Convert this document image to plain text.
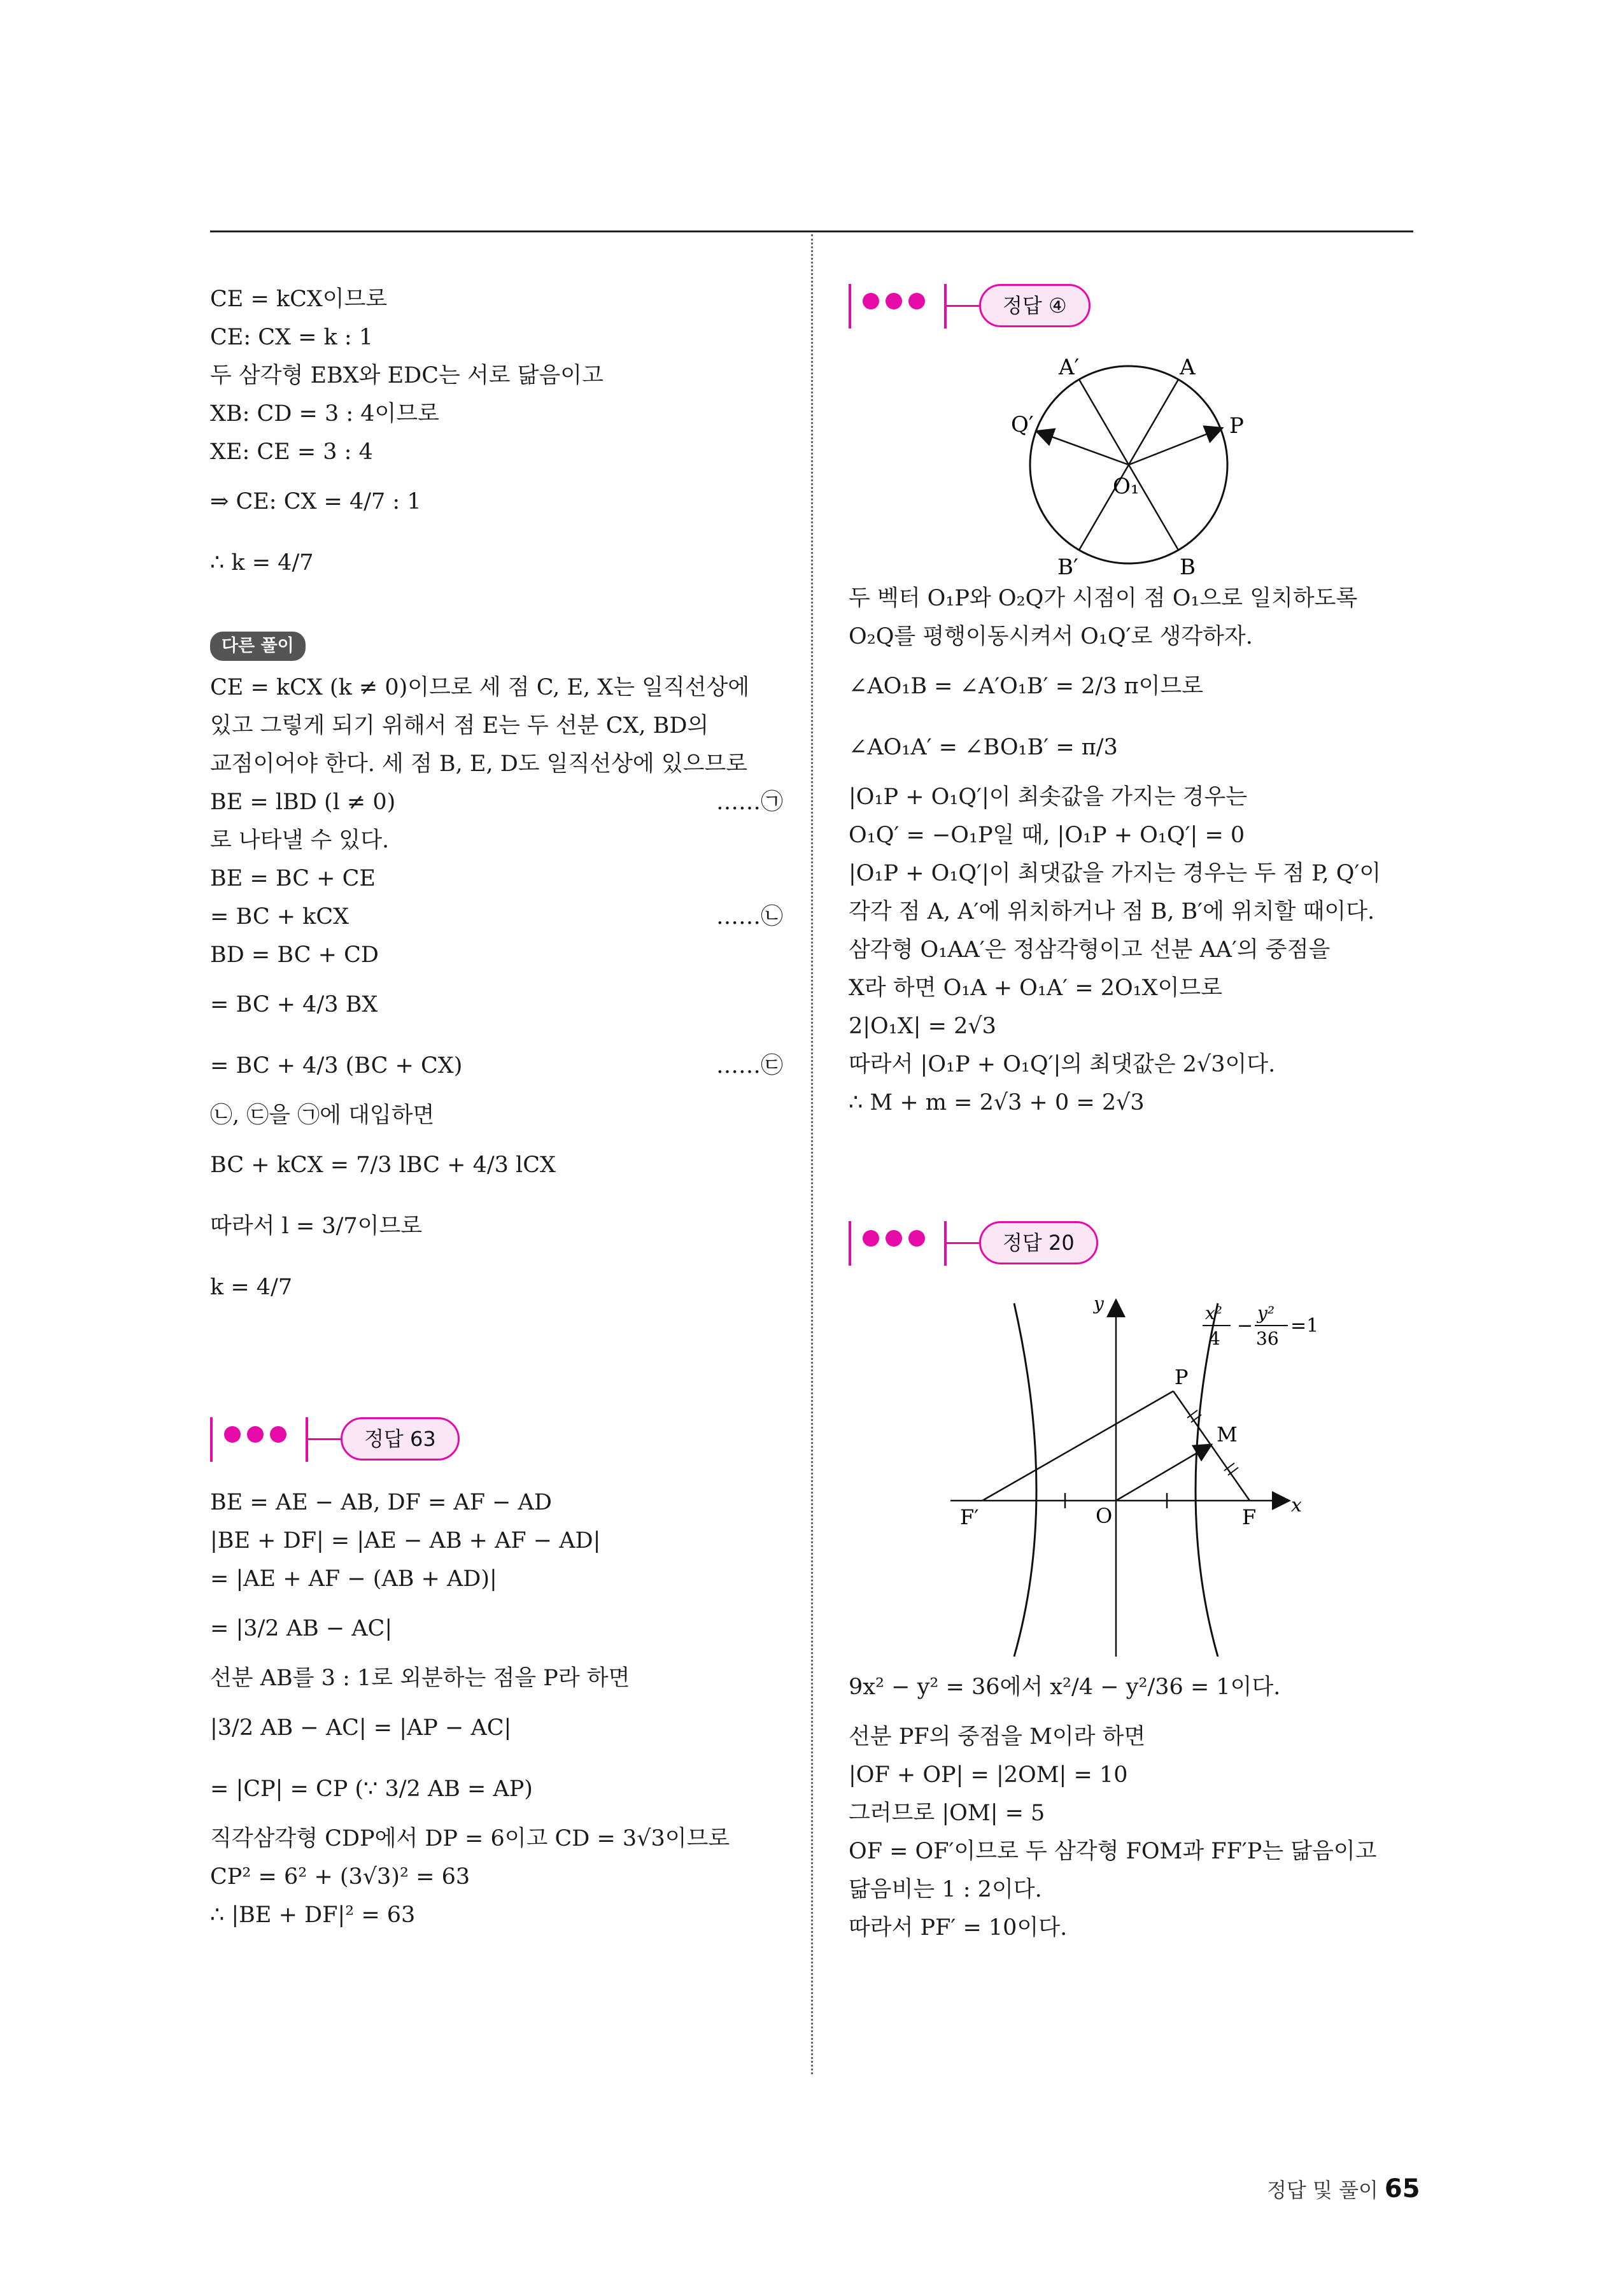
CE = kCX이므로
CE: CX = k : 1
두 삼각형 EBX와 EDC는 서로 닮음이고
XB: CD = 3 : 4이므로
XE: CE = 3 : 4
⇒ CE: CX = 4/7 : 1
∴ k = 4/7
다른 풀이
CE = kCX (k ≠ 0)이므로 세 점 C, E, X는 일직선상에
있고 그렇게 되기 위해서 점 E는 두 선분 CX, BD의
교점이어야 한다. 세 점 B, E, D도 일직선상에 있으므로
BE = lBD (l ≠ 0)	……㉠
로 나타낼 수 있다.
BE = BC + CE
= BC + kCX	……㉡
BD = BC + CD
= BC + 4/3 BX
= BC + 4/3 (BC + CX)	……㉢
㉡, ㉢을 ㉠에 대입하면
BC + kCX = 7/3 lBC + 4/3 lCX
따라서 l = 3/7이므로
k = 4/7
정답 63
BE = AE − AB, DF = AF − AD
|BE + DF| = |AE − AB + AF − AD|
= |AE + AF − (AB + AD)|
= |3/2 AB − AC|
선분 AB를 3 : 1로 외분하는 점을 P라 하면
|3/2 AB − AC| = |AP − AC|
= |CP| = CP (∵ 3/2 AB = AP)
직각삼각형 CDP에서 DP = 6이고 CD = 3√3이므로
CP² = 6² + (3√3)² = 63
∴ |BE + DF|² = 63
정답 ④
A′	A
Q′	P
O₁
B′	B
두 벡터 O₁P와 O₂Q가 시점이 점 O₁으로 일치하도록
O₂Q를 평행이동시켜서 O₁Q′로 생각하자.
∠AO₁B = ∠A′O₁B′ = 2/3 π이므로
∠AO₁A′ = ∠BO₁B′ = π/3
|O₁P + O₁Q′|이 최솟값을 가지는 경우는
O₁Q′ = −O₁P일 때, |O₁P + O₁Q′| = 0
|O₁P + O₁Q′|이 최댓값을 가지는 경우는 두 점 P, Q′이
각각 점 A, A′에 위치하거나 점 B, B′에 위치할 때이다.
삼각형 O₁AA′은 정삼각형이고 선분 AA′의 중점을
X라 하면 O₁A + O₁A′ = 2O₁X이므로
2|O₁X| = 2√3
따라서 |O₁P + O₁Q′|의 최댓값은 2√3이다.
∴ M + m = 2√3 + 0 = 2√3
정답 20
y
x
x²
4
−
y²
36
=1
P
M
F′	O	F
9x² − y² = 36에서 x²/4 − y²/36 = 1이다.
선분 PF의 중점을 M이라 하면
|OF + OP| = |2OM| = 10
그러므로 |OM| = 5
OF = OF′이므로 두 삼각형 FOM과 FF′P는 닮음이고
닮음비는 1 : 2이다.
따라서 PF′ = 10이다.
정답 및 풀이 65
